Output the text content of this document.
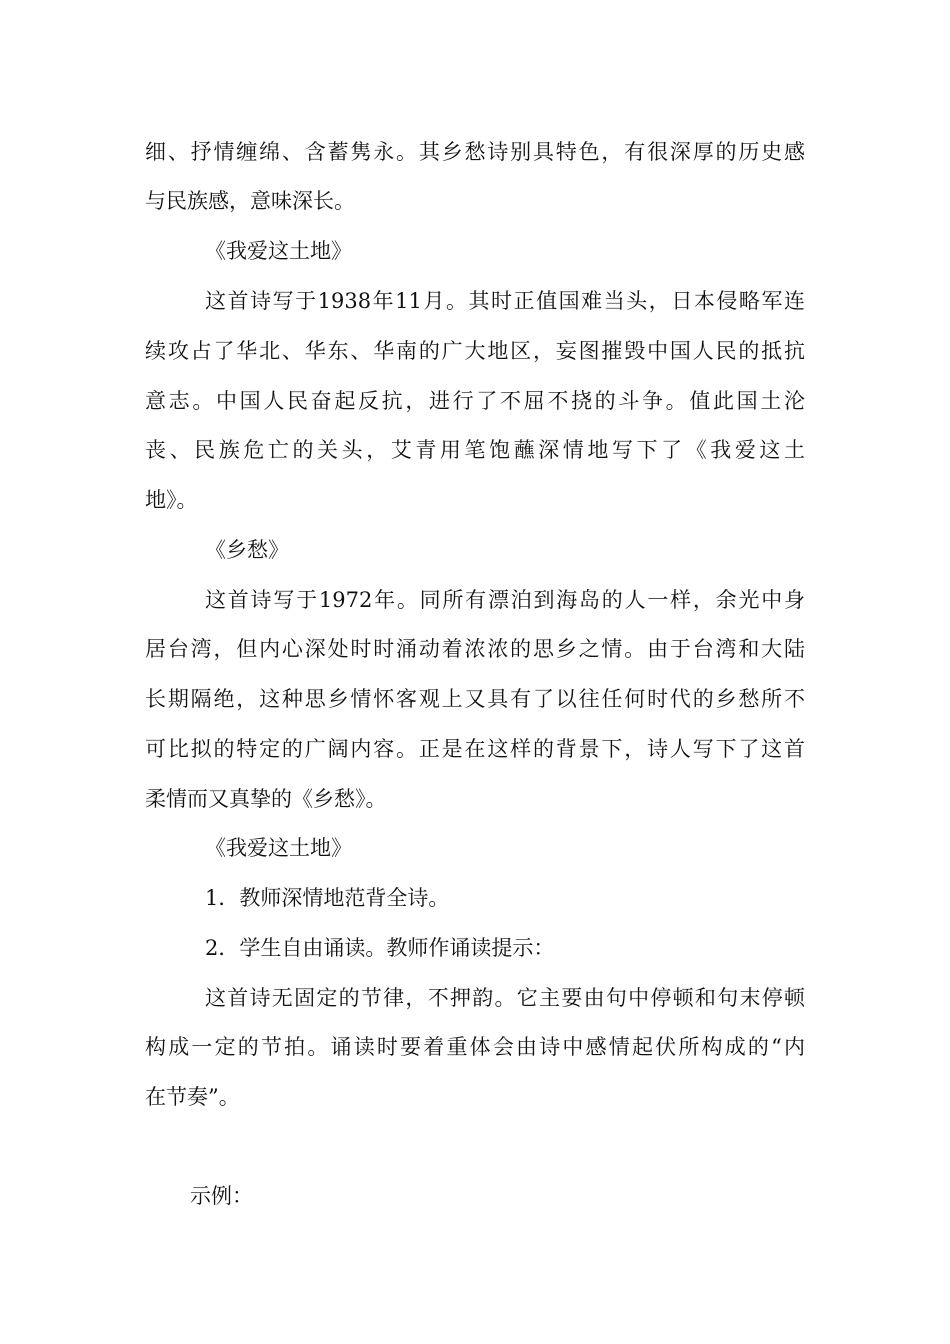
细、抒情缠绵、含蓄隽永。其乡愁诗别具特色，有很深厚的历史感
与民族感，意味深长。
《我爱这土地》
这首诗写于1938年11月。其时正值国难当头，日本侵略军连
续攻占了华北、华东、华南的广大地区，妄图摧毁中国人民的抵抗
意志。中国人民奋起反抗，进行了不屈不挠的斗争。值此国土沦
丧、民族危亡的关头，艾青用笔饱蘸深情地写下了《我爱这土
地》。
《乡愁》
这首诗写于1972年。同所有漂泊到海岛的人一样，余光中身
居台湾，但内心深处时时涌动着浓浓的思乡之情。由于台湾和大陆
长期隔绝，这种思乡情怀客观上又具有了以往任何时代的乡愁所不
可比拟的特定的广阔内容。正是在这样的背景下，诗人写下了这首
柔情而又真挚的《乡愁》。
《我爱这土地》
1．教师深情地范背全诗。
2．学生自由诵读。教师作诵读提示：
这首诗无固定的节律，不押韵。它主要由句中停顿和句末停顿
构成一定的节拍。诵读时要着重体会由诗中感情起伏所构成的“内
在节奏”。
示例：
